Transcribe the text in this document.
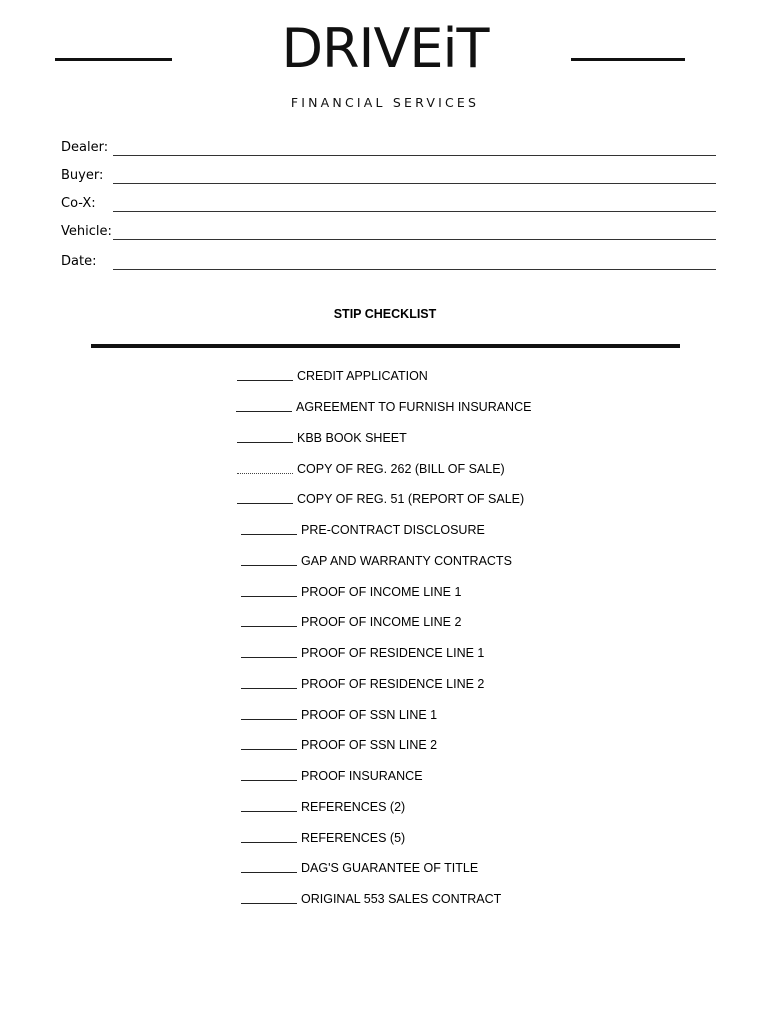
DRIVEiT
FINANCIAL SERVICES
Dealer:
Buyer:
Co-X:
Vehicle:
Date:
STIP CHECKLIST
CREDIT APPLICATION
AGREEMENT TO FURNISH INSURANCE
KBB BOOK SHEET
COPY OF REG. 262 (BILL OF SALE)
COPY OF REG. 51 (REPORT OF SALE)
PRE-CONTRACT DISCLOSURE
GAP AND WARRANTY CONTRACTS
PROOF OF INCOME LINE 1
PROOF OF INCOME LINE 2
PROOF OF RESIDENCE LINE 1
PROOF OF RESIDENCE LINE 2
PROOF OF SSN LINE 1
PROOF OF SSN LINE 2
PROOF INSURANCE
REFERENCES (2)
REFERENCES (5)
DAG'S GUARANTEE OF TITLE
ORIGINAL 553 SALES CONTRACT
